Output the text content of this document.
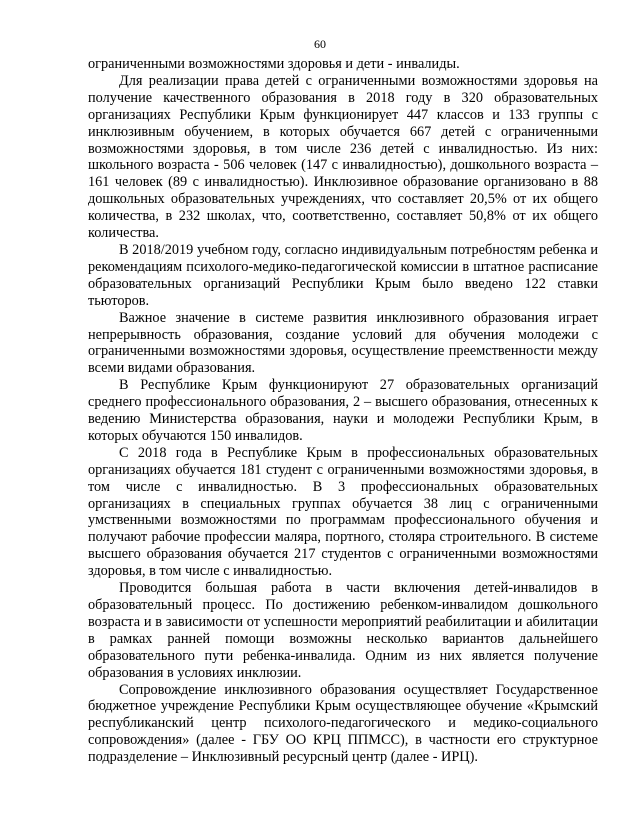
60

ограниченными возможностями здоровья и дети - инвалиды.

Для реализации права детей с ограниченными возможностями здоровья на получение качественного образования в 2018 году в 320 образовательных организациях Республики Крым функционирует 447 классов и 133 группы с инклюзивным обучением, в которых обучается 667 детей с ограниченными возможностями здоровья, в том числе 236 детей с инвалидностью. Из них: школьного возраста - 506 человек (147 с инвалидностью), дошкольного возраста – 161 человек (89 с инвалидностью). Инклюзивное образование организовано в 88 дошкольных образовательных учреждениях, что составляет 20,5% от их общего количества, в 232 школах, что, соответственно, составляет 50,8% от их общего количества.

В 2018/2019 учебном году, согласно индивидуальным потребностям ребенка и рекомендациям психолого-медико-педагогической комиссии в штатное расписание образовательных организаций Республики Крым было введено 122 ставки тьюторов.

Важное значение в системе развития инклюзивного образования играет непрерывность образования, создание условий для обучения молодежи с ограниченными возможностями здоровья, осуществление преемственности между всеми видами образования.

В Республике Крым функционируют 27 образовательных организаций среднего профессионального образования, 2 – высшего образования, отнесенных к ведению Министерства образования, науки и молодежи Республики Крым, в которых обучаются 150 инвалидов.

С 2018 года в Республике Крым в профессиональных образовательных организациях обучается 181 студент с ограниченными возможностями здоровья, в том числе с инвалидностью. В 3 профессиональных образовательных организациях в специальных группах обучается 38 лиц с ограниченными умственными возможностями по программам профессионального обучения и получают рабочие профессии маляра, портного, столяра строительного. В системе высшего образования обучается 217 студентов с ограниченными возможностями здоровья, в том числе с инвалидностью.

Проводится большая работа в части включения детей-инвалидов в образовательный процесс. По достижению ребенком-инвалидом дошкольного возраста и в зависимости от успешности мероприятий реабилитации и абилитации в рамках ранней помощи возможны несколько вариантов дальнейшего образовательного пути ребенка-инвалида. Одним из них является получение образования в условиях инклюзии.

Сопровождение инклюзивного образования осуществляет Государственное бюджетное учреждение Республики Крым осуществляющее обучение «Крымский республиканский центр психолого-педагогического и медико-социального сопровождения» (далее - ГБУ ОО КРЦ ППМСС), в частности его структурное подразделение – Инклюзивный ресурсный центр (далее - ИРЦ).
